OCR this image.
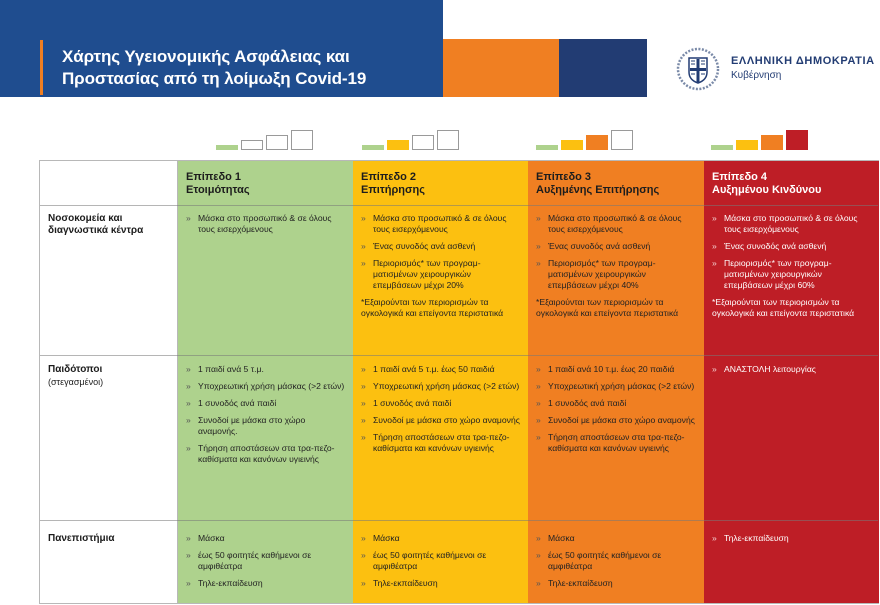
Χάρτης Υγειονομικής Ασφάλειας και
Προστασίας από τη λοίμωξη Covid-19
ΕΛΛΗΝΙΚΗ ΔΗΜΟΚΡΑΤΙΑ
Κυβέρνηση
Επίπεδο 1
Ετοιμότητας
Επίπεδο 2
Επιτήρησης
Επίπεδο 3
Αυξημένης Επιτήρησης
Επίπεδο 4
Αυξημένου Κινδύνου
Νοσοκομεία και διαγνωστικά κέντρα
» Μάσκα στο προσωπικό & σε όλους τους εισερχόμενους
» Μάσκα στο προσωπικό & σε όλους τους εισερχόμενους
» Ένας συνοδός ανά ασθενή
» Περιορισμός* των προγραμ-ματισμένων χειρουργικών επεμβάσεων μέχρι 20%
*Εξαιρούνται των περιορισμών τα ογκολογικά και επείγοντα περιστατικά
» Μάσκα στο προσωπικό & σε όλους τους εισερχόμενους
» Ένας συνοδός ανά ασθενή
» Περιορισμός* των προγραμ-ματισμένων χειρουργικών επεμβάσεων μέχρι 40%
*Εξαιρούνται των περιορισμών τα ογκολογικά και επείγοντα περιστατικά
» Μάσκα στο προσωπικό & σε όλους τους εισερχόμενους
» Ένας συνοδός ανά ασθενή
» Περιορισμός* των προγραμ-ματισμένων χειρουργικών επεμβάσεων μέχρι 60%
*Εξαιρούνται των περιορισμών τα ογκολογικά και επείγοντα περιστατικά
Παιδότοποι
(στεγασμένοι)
» 1 παιδί ανά 5 τ.μ.
» Υποχρεωτική χρήση μάσκας (>2 ετών)
» 1 συνοδός ανά παιδί
» Συνοδοί με μάσκα στο χώρο αναμονής.
» Τήρηση αποστάσεων στα τρα-πεζο-καθίσματα και κανόνων υγιεινής
» 1 παιδί ανά 5 τ.μ. έως 50 παιδιά
» Υποχρεωτική χρήση μάσκας (>2 ετών)
» 1 συνοδός ανά παιδί
» Συνοδοί με μάσκα στο χώρο αναμονής
» Τήρηση αποστάσεων στα τρα-πεζο-καθίσματα και κανόνων υγιεινής
» 1 παιδί ανά 10 τ.μ. έως 20 παιδιά
» Υποχρεωτική χρήση μάσκας (>2 ετών)
» 1 συνοδός ανά παιδί
» Συνοδοί με μάσκα στο χώρο αναμονής
» Τήρηση αποστάσεων στα τρα-πεζο-καθίσματα και κανόνων υγιεινής
» ΑΝΑΣΤΟΛΗ λειτουργίας
Πανεπιστήμια	» Μάσκα
» έως 50 φοιτητές καθήμενοι σε αμφιθέατρα
» Τηλε-εκπαίδευση
» Μάσκα
» έως 50 φοιτητές καθήμενοι σε αμφιθέατρα
» Τηλε-εκπαίδευση
» Μάσκα
» έως 50 φοιτητές καθήμενοι σε αμφιθέατρα
» Τηλε-εκπαίδευση
» Τηλε-εκπαίδευση
